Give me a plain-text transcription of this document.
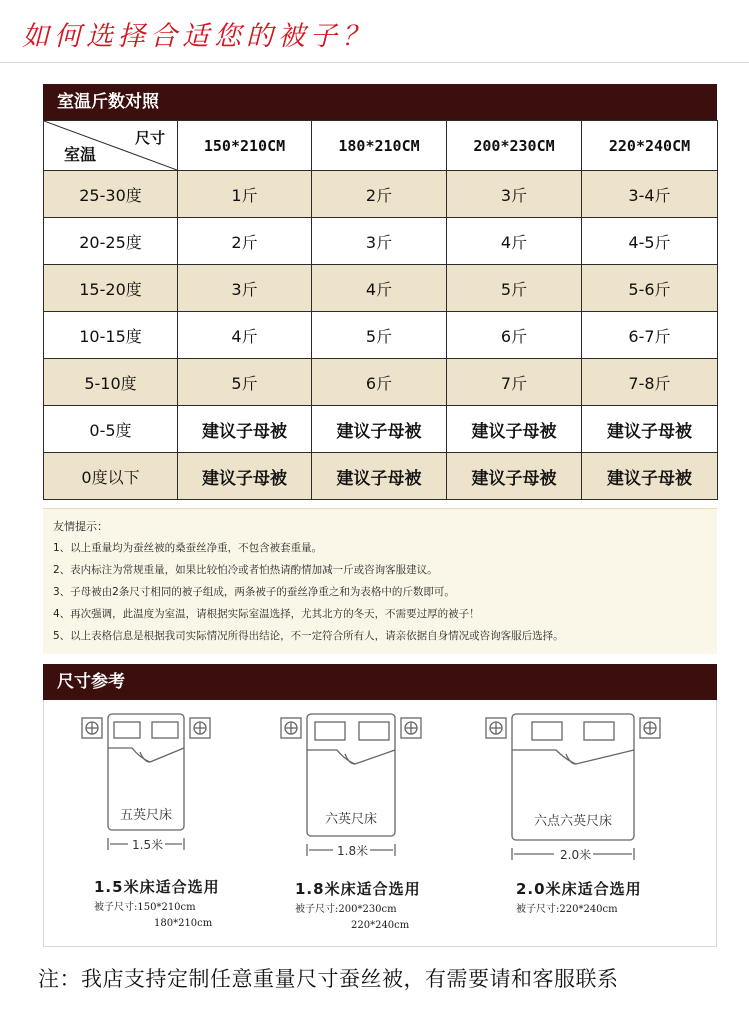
如何选择合适您的被子？
室温斤数对照
尺寸
室温	150*210CM	180*210CM	200*230CM	220*240CM
25-30度	1斤	2斤	3斤	3-4斤
20-25度	2斤	3斤	4斤	4-5斤
15-20度	3斤	4斤	5斤	5-6斤
10-15度	4斤	5斤	6斤	6-7斤
5-10度	5斤	6斤	7斤	7-8斤
0-5度	建议子母被	建议子母被	建议子母被	建议子母被
0度以下	建议子母被	建议子母被	建议子母被	建议子母被
友情提示：
1、以上重量均为蚕丝被的桑蚕丝净重，不包含被套重量。
2、表内标注为常规重量，如果比较怕冷或者怕热请酌情加减一斤或咨询客服建议。
3、子母被由2条尺寸相同的被子组成，两条被子的蚕丝净重之和为表格中的斤数即可。
4、再次强调，此温度为室温，请根据实际室温选择，尤其北方的冬天，不需要过厚的被子！
5、以上表格信息是根据我司实际情况所得出结论，不一定符合所有人，请亲依据自身情况或咨询客服后选择。
尺寸参考
五英尺床
1.5米
1.5米床适合选用
被子尺寸:150*210cm
180*210cm
六英尺床
1.8米
1.8米床适合选用
被子尺寸:200*230cm
220*240cm
六点六英尺床
2.0米
2.0米床适合选用
被子尺寸:220*240cm
注：我店支持定制任意重量尺寸蚕丝被，有需要请和客服联系
